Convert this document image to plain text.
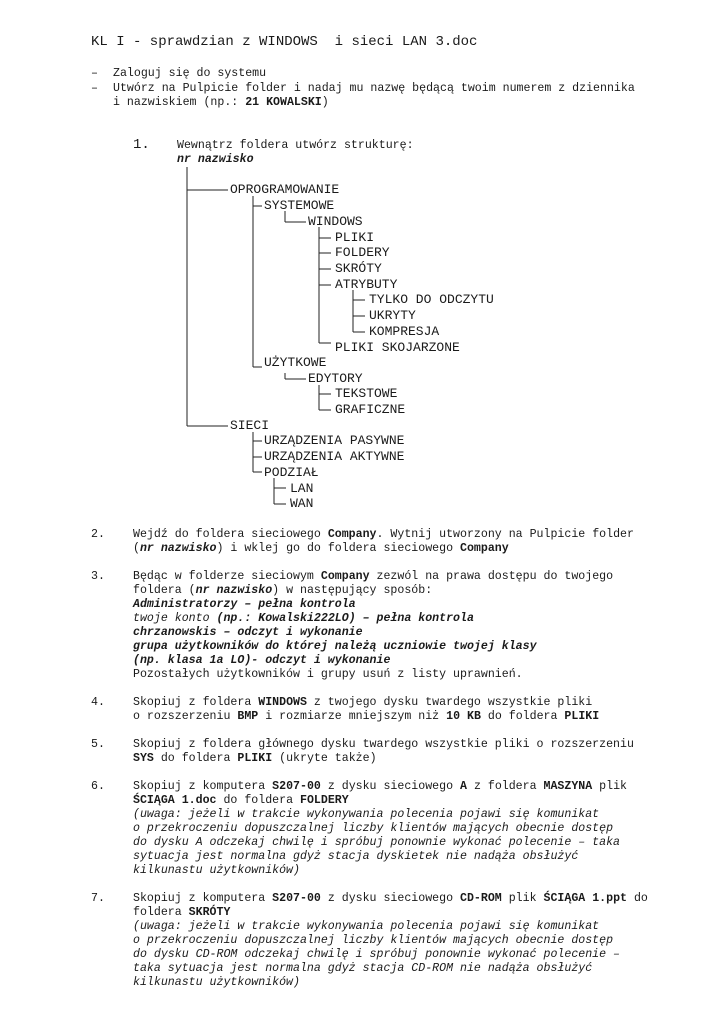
KL I - sprawdzian z WINDOWS  i sieci LAN 3.doc
–	Zaloguj się do systemu
–	Utwórz na Pulpicie folder i nadaj mu nazwę będącą twoim numerem z dziennika
i nazwiskiem (np.: 21 KOWALSKI)
1. Wewnątrz foldera utwórz strukturę:
nr nazwisko
OPROGRAMOWANIE
SYSTEMOWE
WINDOWS
PLIKI
FOLDERY
SKRÓTY
ATRYBUTY
TYLKO DO ODCZYTU
UKRYTY
KOMPRESJA
PLIKI SKOJARZONE
UŻYTKOWE
EDYTORY
TEKSTOWE
GRAFICZNE
SIECI
URZĄDZENIA PASYWNE
URZĄDZENIA AKTYWNE
PODZIAŁ
LAN
WAN
2.	Wejdź do foldera sieciowego Company. Wytnij utworzony na Pulpicie folder
(nr nazwisko) i wklej go do foldera sieciowego Company
3.	Będąc w folderze sieciowym Company zezwól na prawa dostępu do twojego
foldera (nr nazwisko) w następujący sposób:
Administratorzy – pełna kontrola
twoje konto (np.: Kowalski222LO) – pełna kontrola
chrzanowskis – odczyt i wykonanie
grupa użytkowników do której należą uczniowie twojej klasy
(np. klasa 1a LO)- odczyt i wykonanie
Pozostałych użytkowników i grupy usuń z listy uprawnień.
4.	Skopiuj z foldera WINDOWS z twojego dysku twardego wszystkie pliki
o rozszerzeniu BMP i rozmiarze mniejszym niż 10 KB do foldera PLIKI
5.	Skopiuj z foldera głównego dysku twardego wszystkie pliki o rozszerzeniu
SYS do foldera PLIKI (ukryte także)
6.	Skopiuj z komputera S207-00 z dysku sieciowego A z foldera MASZYNA plik
ŚCIĄGA 1.doc do foldera FOLDERY
(uwaga: jeżeli w trakcie wykonywania polecenia pojawi się komunikat
o przekroczeniu dopuszczalnej liczby klientów mających obecnie dostęp
do dysku A odczekaj chwilę i spróbuj ponownie wykonać polecenie – taka
sytuacja jest normalna gdyż stacja dyskietek nie nadąża obsłużyć
kilkunastu użytkowników)
7.	Skopiuj z komputera S207-00 z dysku sieciowego CD-ROM plik ŚCIĄGA 1.ppt do
foldera SKRÓTY
(uwaga: jeżeli w trakcie wykonywania polecenia pojawi się komunikat
o przekroczeniu dopuszczalnej liczby klientów mających obecnie dostęp
do dysku CD-ROM odczekaj chwilę i spróbuj ponownie wykonać polecenie –
taka sytuacja jest normalna gdyż stacja CD-ROM nie nadąża obsłużyć
kilkunastu użytkowników)
